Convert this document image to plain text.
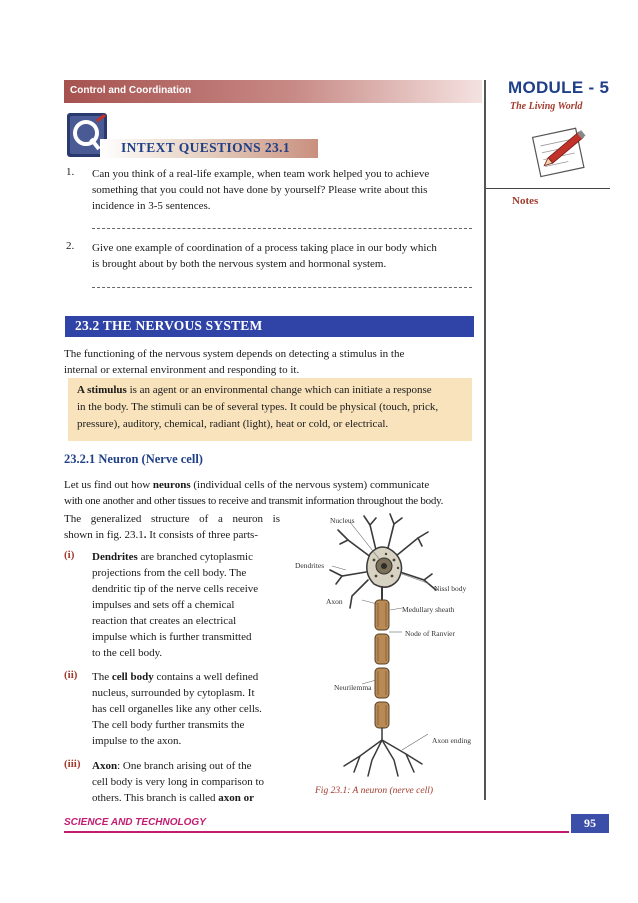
Control and Coordination	MODULE - 5
The Living World
Notes
INTEXT QUESTIONS 23.1
1. Can you think of a real-life example, when team work helped you to achieve
something that you could not have done by yourself? Please write about this
incidence in 3-5 sentences.
2. Give one example of coordination of a process taking place in our body which
is brought about by both the nervous system and hormonal system.
23.2 THE NERVOUS SYSTEM
The functioning of the nervous system depends on detecting a stimulus in the
internal or external environment and responding to it.

A stimulus is an agent or an environmental change which can initiate a response
in the body. The stimuli can be of several types. It could be physical (touch, prick,
pressure), auditory, chemical, radiant (light), heat or cold, or electrical.

23.2.1 Neuron (Nerve cell)
Let us find out how neurons (individual cells of the nervous system) communicate
with one another and other tissues to receive and transmit information throughout the body.
The generalized structure of a neuron is
shown in fig. 23.1. It consists of three parts-
(i) Dendrites are branched cytoplasmic
projections from the cell body. The
dendritic tip of the nerve cells receive
impulses and sets off a chemical
reaction that creates an electrical
impulse which is further transmitted
to the cell body.
(ii) The cell body contains a well defined
nucleus, surrounded by cytoplasm. It
has cell organelles like any other cells.
The cell body further transmits the
impulse to the axon.
(iii) Axon: One branch arising out of the
cell body is very long in comparison to
others. This branch is called axon or
Nucleus
Dendrites
Nissl body
Axon
Medullary sheath
Node of Ranvier
Neurilemma
Axon ending
Fig 23.1: A neuron (nerve cell)
SCIENCE AND TECHNOLOGY	95
